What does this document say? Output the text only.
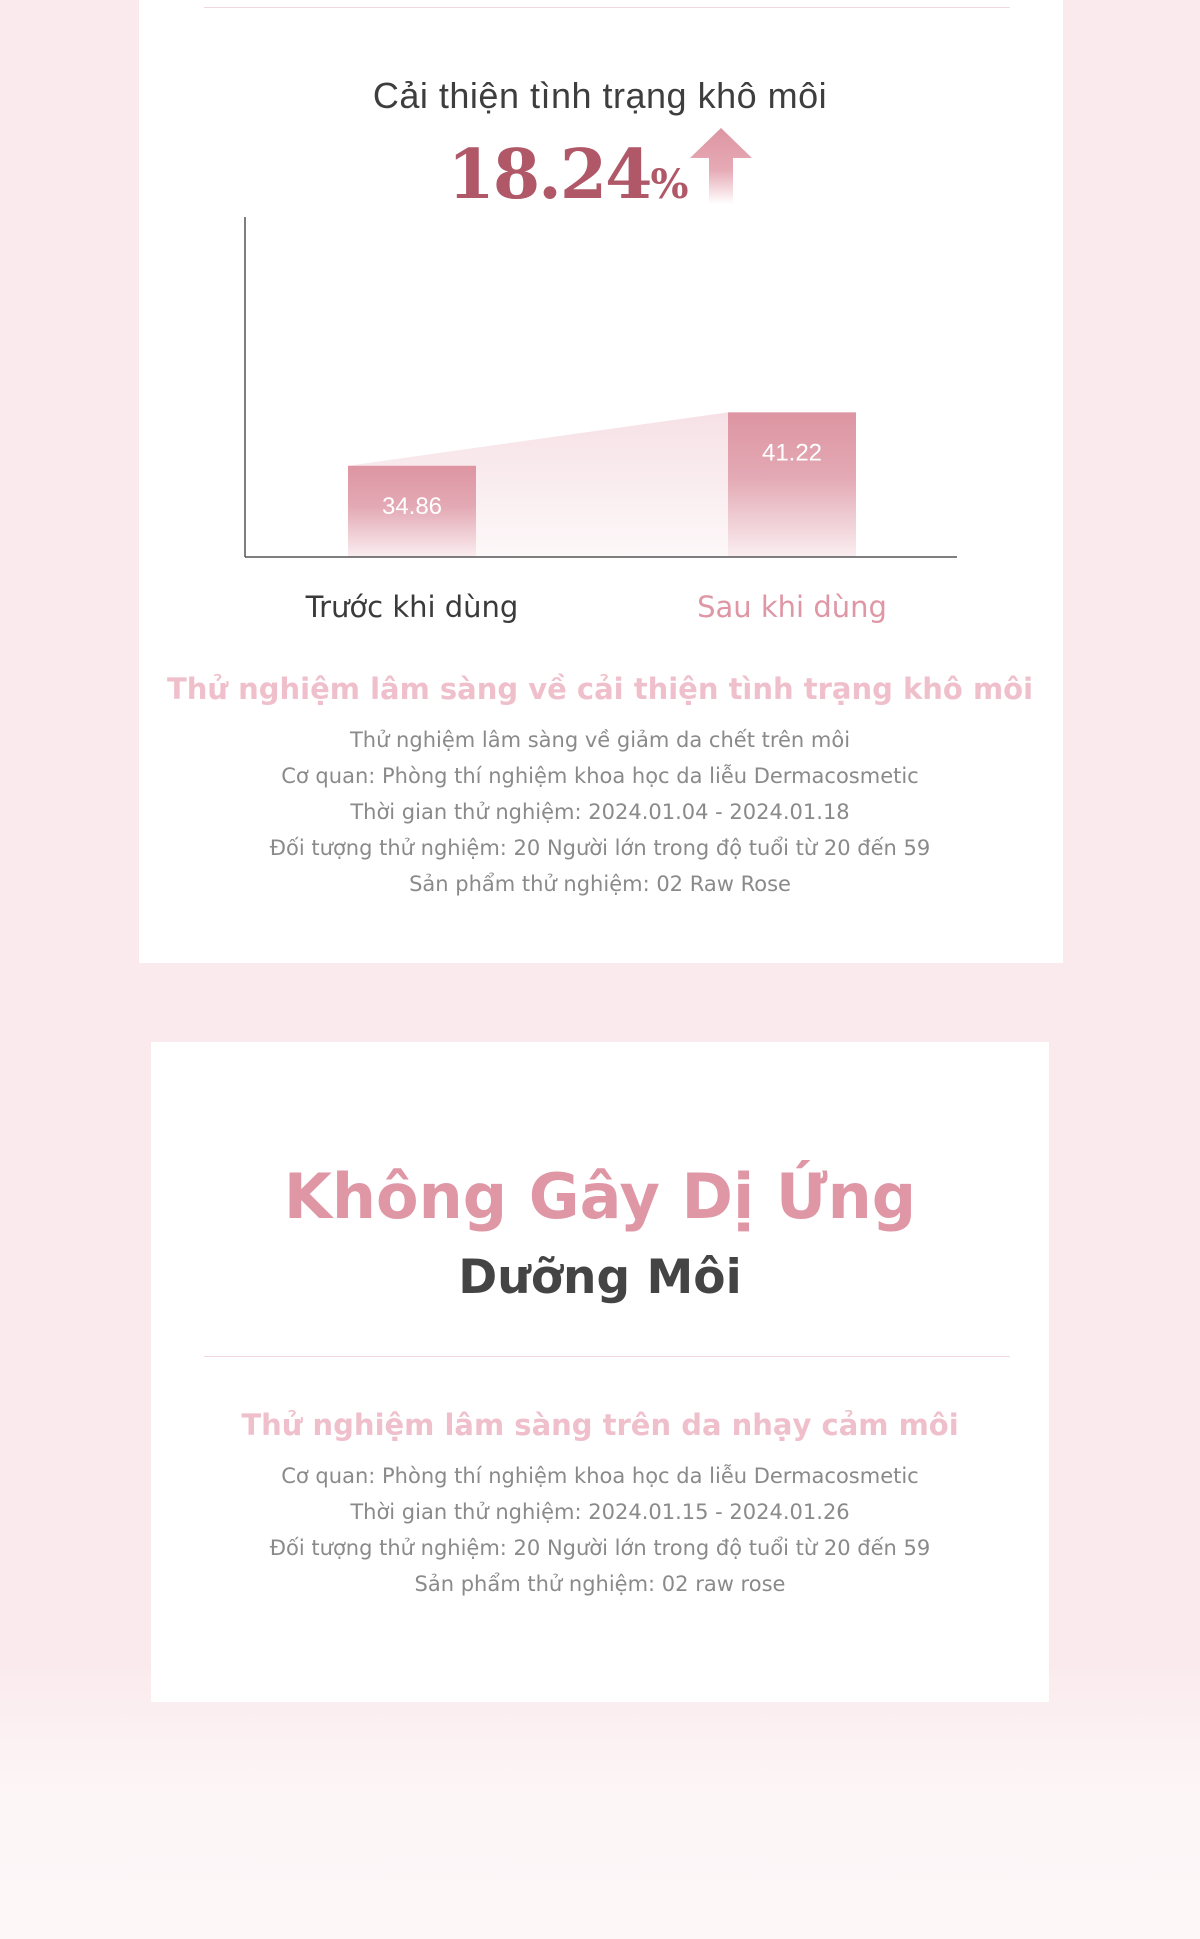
Cải thiện tình trạng khô môi
18.24%
34.86
41.22
Trước khi dùng	Sau khi dùng
Thử nghiệm lâm sàng về cải thiện tình trạng khô môi
Thử nghiệm lâm sàng về giảm da chết trên môi
Cơ quan: Phòng thí nghiệm khoa học da liễu Dermacosmetic
Thời gian thử nghiệm: 2024.01.04 - 2024.01.18
Đối tượng thử nghiệm: 20 Người lớn trong độ tuổi từ 20 đến 59
Sản phẩm thử nghiệm: 02 Raw Rose
Không Gây Dị Ứng
Dưỡng Môi
Thử nghiệm lâm sàng trên da nhạy cảm môi
Cơ quan: Phòng thí nghiệm khoa học da liễu Dermacosmetic
Thời gian thử nghiệm: 2024.01.15 - 2024.01.26
Đối tượng thử nghiệm: 20 Người lớn trong độ tuổi từ 20 đến 59
Sản phẩm thử nghiệm: 02 raw rose
